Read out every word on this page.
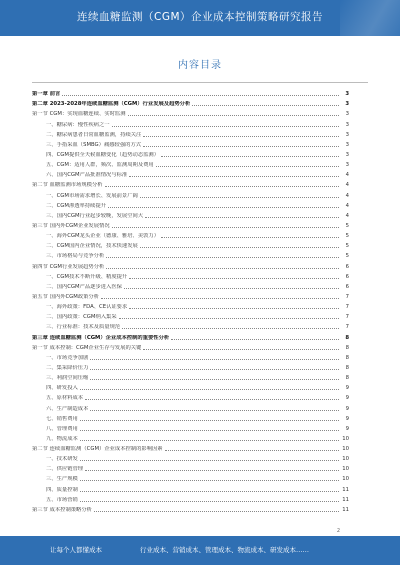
连续血糖监测（CGM）企业成本控制策略研究报告
内容目录
第一章 前言	3
第二章 2023-2028年连续血糖监测（CGM）行业发展及趋势分析	3
第一节 CGM：实现血糖连续、实时监测	3
一、糖尿病：慢性疾病之一	3
二、糖尿病患者日常血糖监测，持续关注	3
三、手指采血（SMBG）痛感较强的方式	3
四、CGM提供全天候血糖变化（趋势动态监测）	3
五、CGM：适用人群，频次、监测周期及费用	3
六、国内CGM产品批准情况与标准	4
第二节 血糖监测市场规模分析	4
一、CGM市场需求增长、发展前景广阔	4
二、CGM渗透率持续提升	4
三、国内CGM行业起步较晚，发展空间大	4
第三节 国内外CGM企业发展情况	5
一、海外CGM龙头企业（德康、雅培、美敦力）	5
二、CGM国内企业情况，技术快速发展	5
三、市场格局与竞争分析	5
第四节 CGM行业发展趋势分析	6
一、CGM技术不断升级、精度提升	6
二、国内CGM产品逐步进入医保	6
第五节 国内外CGM政策分析	7
一、海外政策：FDA、CE认证要求	7
二、国内政策：CGM纳入集采	7
三、行业标准：技术及质量规范	7
第三章 连续血糖监测（CGM）企业成本控制的重要性分析	8
第一节 成本控制：CGM企业生存与发展的关键	8
一、市场竞争加剧	8
二、集采降价压力	8
三、利润空间压缩	8
四、研发投入	9
五、原材料成本	9
六、生产制造成本	9
七、销售费用	9
八、管理费用	9
九、物流成本	10
第二节 连续血糖监测（CGM）企业成本控制的影响因素	10
一、技术研发	10
二、供应链管理	10
三、生产规模	10
四、质量控制	11
五、市场营销	11
第三节 成本控制策略分析	11
2
让每个人都懂成本	行业成本、营销成本、管理成本、物流成本、研发成本……
